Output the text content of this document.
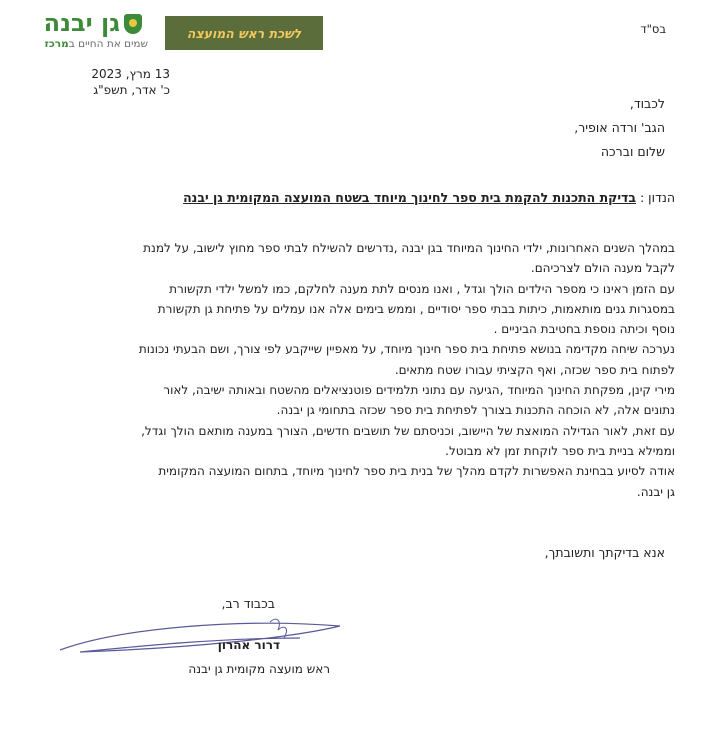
גן יבנה
שמים את החיים במרכז
לשכת ראש המועצה	בס"ד
13 מרץ, 2023
כ' אדר, תשפ"ג
לכבוד,
הגב' ורדה אופיר,
שלום וברכה
הנדון : בדיקת התכנות להקמת בית ספר לחינוך מיוחד בשטח המועצה המקומית גן יבנה

במהלך השנים האחרונות, ילדי החינוך המיוחד בגן יבנה ,נדרשים להשילח לבתי ספר מחוץ לישוב, על למנת

לקבל מענה הולם לצרכיהם.

עם הזמן ראינו כי מספר הילדים הולך וגדל , ואנו מנסים לתת מענה לחלקם, כמו למשל ילדי תקשורת

במסגרות גנים מותאמות, כיתות בבתי ספר יסודיים , וממש בימים אלה אנו עמלים על פתיחת גן תקשורת

נוסף וכיתה נוספת בחטיבת הביניים .

נערכה שיחה מקדימה בנושא פתיחת בית ספר חינוך מיוחד, על מאפיין שייקבע לפי צורך, ושם הבעתי נכונות

לפתוח בית ספר שכזה, ואף הקציתי עבורו שטח מתאים.

מירי קינן, מפקחת החינוך המיוחד ,הגיעה עם נתוני תלמידים פוטנציאלים מהשטח ובאותה ישיבה, לאור

נתונים אלה, לא הוכחה התכנות בצורך לפתיחת בית ספר שכזה בתחומי גן יבנה.

עם זאת, לאור הגדילה המואצת של היישוב, וכניסתם של תושבים חדשים, הצורך במענה מותאם הולך וגדל,

וממילא בניית בית ספר לוקחת זמן לא מבוטל.

אודה לסיוע בבחינת האפשרות לקדם מהלך של בנית בית ספר לחינוך מיוחד, בתחום המועצה המקומית

גן יבנה.

אנא בדיקתך ותשובתך,
בכבוד רב,
דרור אהרון
ראש מועצה מקומית גן יבנה
